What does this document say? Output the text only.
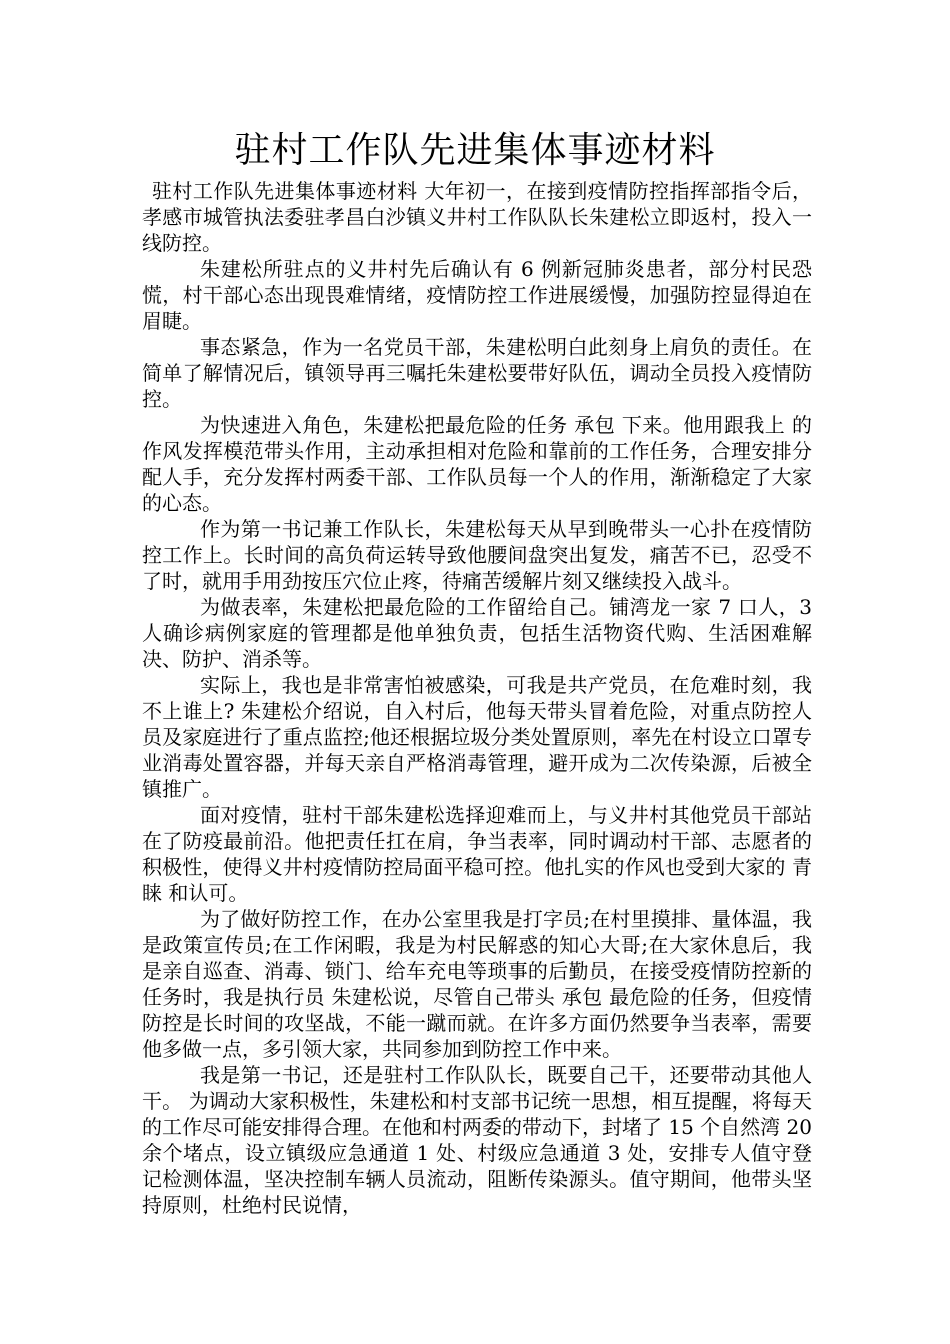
驻村工作队先进集体事迹材料

驻村工作队先进集体事迹材料 大年初一，在接到疫情防控指挥部指令后，孝感市城管执法委驻孝昌白沙镇义井村工作队队长朱建松立即返村，投入一线防控。

朱建松所驻点的义井村先后确认有 6 例新冠肺炎患者，部分村民恐慌，村干部心态出现畏难情绪，疫情防控工作进展缓慢，加强防控显得迫在眉睫。

事态紧急，作为一名党员干部，朱建松明白此刻身上肩负的责任。在简单了解情况后，镇领导再三嘱托朱建松要带好队伍，调动全员投入疫情防控。

为快速进入角色，朱建松把最危险的任务 承包 下来。他用跟我上 的作风发挥模范带头作用，主动承担相对危险和靠前的工作任务，合理安排分配人手，充分发挥村两委干部、工作队员每一个人的作用，渐渐稳定了大家的心态。

作为第一书记兼工作队长，朱建松每天从早到晚带头一心扑在疫情防控工作上。长时间的高负荷运转导致他腰间盘突出复发，痛苦不已，忍受不了时，就用手用劲按压穴位止疼，待痛苦缓解片刻又继续投入战斗。

为做表率，朱建松把最危险的工作留给自己。铺湾龙一家 7 口人，3 人确诊病例家庭的管理都是他单独负责，包括生活物资代购、生活困难解决、防护、消杀等。

实际上，我也是非常害怕被感染，可我是共产党员，在危难时刻，我不上谁上? 朱建松介绍说，自入村后，他每天带头冒着危险，对重点防控人员及家庭进行了重点监控;他还根据垃圾分类处置原则，率先在村设立口罩专业消毒处置容器，并每天亲自严格消毒管理，避开成为二次传染源，后被全镇推广。

面对疫情，驻村干部朱建松选择迎难而上，与义井村其他党员干部站在了防疫最前沿。他把责任扛在肩，争当表率，同时调动村干部、志愿者的积极性，使得义井村疫情防控局面平稳可控。他扎实的作风也受到大家的 青睐 和认可。

为了做好防控工作，在办公室里我是打字员;在村里摸排、量体温，我是政策宣传员;在工作闲暇，我是为村民解惑的知心大哥;在大家休息后，我是亲自巡查、消毒、锁门、给车充电等琐事的后勤员，在接受疫情防控新的任务时，我是执行员 朱建松说，尽管自己带头 承包 最危险的任务，但疫情防控是长时间的攻坚战，不能一蹴而就。在许多方面仍然要争当表率，需要他多做一点，多引领大家，共同参加到防控工作中来。

我是第一书记，还是驻村工作队队长，既要自己干，还要带动其他人干。 为调动大家积极性，朱建松和村支部书记统一思想，相互提醒，将每天的工作尽可能安排得合理。在他和村两委的带动下，封堵了 15 个自然湾 20 余个堵点，设立镇级应急通道 1 处、村级应急通道 3 处，安排专人值守登记检测体温，坚决控制车辆人员流动，阻断传染源头。值守期间，他带头坚持原则，杜绝村民说情，
